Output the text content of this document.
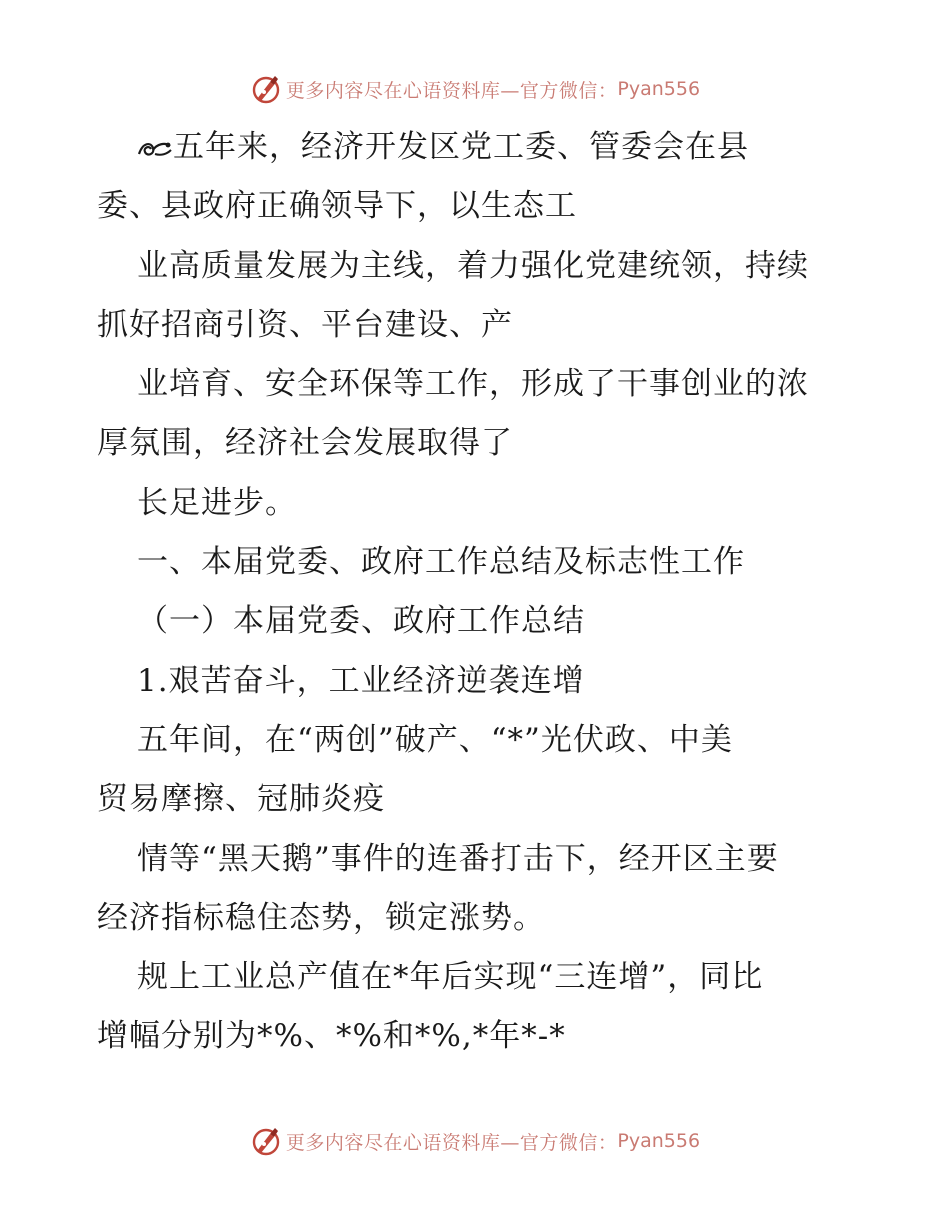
更多内容尽在心语资料库—官方微信： Pyan556
五年来，经济开发区党工委、管委会在县
委、县政府正确领导下，以生态工
业高质量发展为主线，着力强化党建统领，持续
抓好招商引资、平台建设、产
业培育、安全环保等工作，形成了干事创业的浓
厚氛围，经济社会发展取得了
长足进步。
一、本届党委、政府工作总结及标志性工作
（一）本届党委、政府工作总结
1.艰苦奋斗，工业经济逆袭连增
五年间，在“两创”破产、“*”光伏政、中美
贸易摩擦、冠肺炎疫
情等“黑天鹅”事件的连番打击下，经开区主要
经济指标稳住态势，锁定涨势。
规上工业总产值在*年后实现“三连增”，同比
增幅分别为*%、*%和*%,*年*-*
更多内容尽在心语资料库—官方微信： Pyan556
